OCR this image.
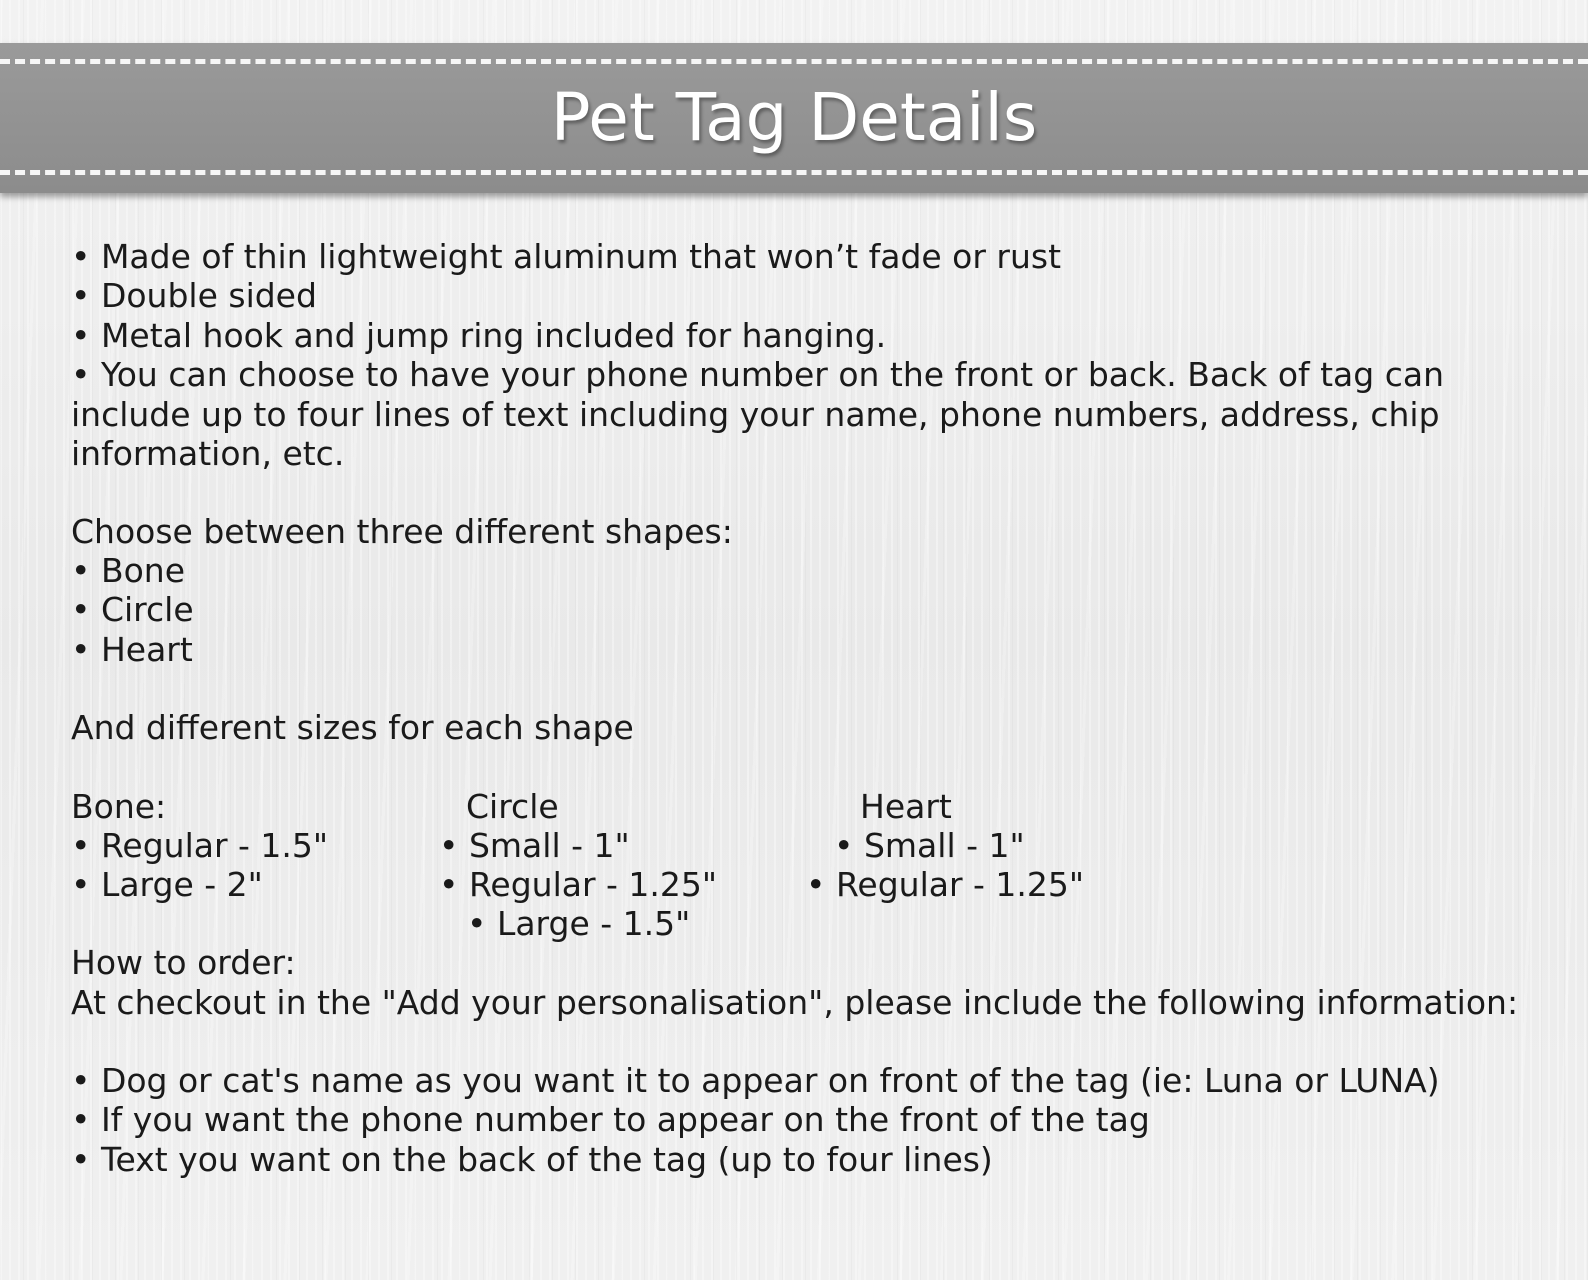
Pet Tag Details

• Made of thin lightweight aluminum that won’t fade or rust

• Double sided

• Metal hook and jump ring included for hanging.

• You can choose to have your phone number on the front or back. Back of tag can

include up to four lines of text including your name, phone numbers, address, chip

information, etc.

Choose between three different shapes:

• Bone

• Circle

• Heart

And different sizes for each shape

Bone:

• Regular - 1.5"

• Large - 2"

Circle

• Small - 1"

• Regular - 1.25"

• Large - 1.5"

Heart

• Small - 1"

• Regular - 1.25"

How to order:

At checkout in the "Add your personalisation", please include the following information:

• Dog or cat's name as you want it to appear on front of the tag (ie: Luna or LUNA)

• If you want the phone number to appear on the front of the tag

• Text you want on the back of the tag (up to four lines)
